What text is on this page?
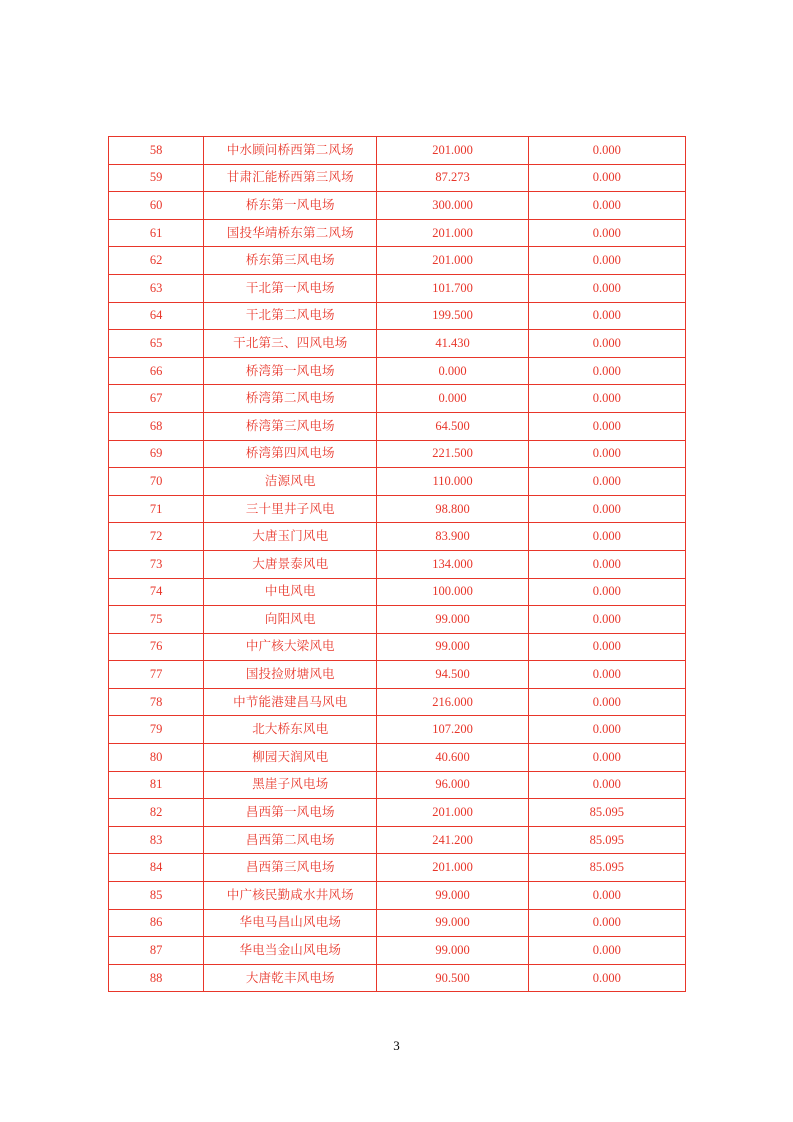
58	中水顾问桥西第二风场	201.000	0.000
59	甘肃汇能桥西第三风场	87.273	0.000
60	桥东第一风电场	300.000	0.000
61	国投华靖桥东第二风场	201.000	0.000
62	桥东第三风电场	201.000	0.000
63	干北第一风电场	101.700	0.000
64	干北第二风电场	199.500	0.000
65	干北第三、四风电场	41.430	0.000
66	桥湾第一风电场	0.000	0.000
67	桥湾第二风电场	0.000	0.000
68	桥湾第三风电场	64.500	0.000
69	桥湾第四风电场	221.500	0.000
70	洁源风电	110.000	0.000
71	三十里井子风电	98.800	0.000
72	大唐玉门风电	83.900	0.000
73	大唐景泰风电	134.000	0.000
74	中电风电	100.000	0.000
75	向阳风电	99.000	0.000
76	中广核大梁风电	99.000	0.000
77	国投捡财塘风电	94.500	0.000
78	中节能港建昌马风电	216.000	0.000
79	北大桥东风电	107.200	0.000
80	柳园天润风电	40.600	0.000
81	黑崖子风电场	96.000	0.000
82	昌西第一风电场	201.000	85.095
83	昌西第二风电场	241.200	85.095
84	昌西第三风电场	201.000	85.095
85	中广核民勤咸水井风场	99.000	0.000
86	华电马昌山风电场	99.000	0.000
87	华电当金山风电场	99.000	0.000
88	大唐乾丰风电场	90.500	0.000
3
